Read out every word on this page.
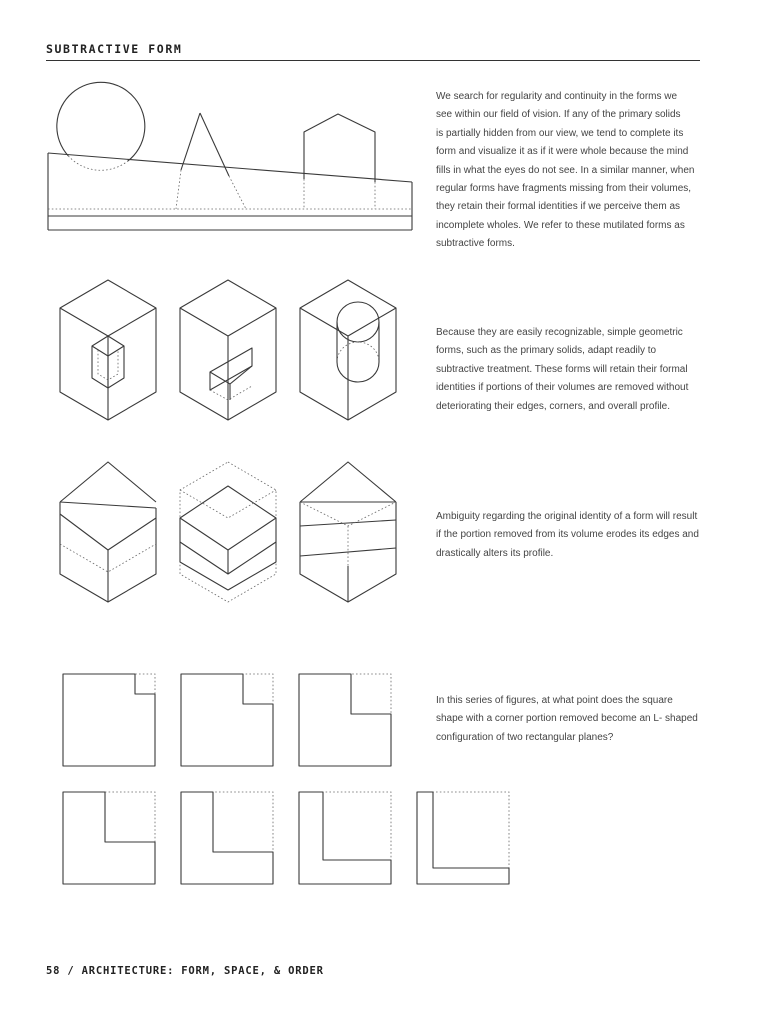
SUBTRACTIVE FORM
We search for regularity and continuity in the forms we
see within our field of vision. If any of the primary solids
is partially hidden from our view, we tend to complete its
form and visualize it as if it were whole because the mind
fills in what the eyes do not see. In a similar manner, when
regular forms have fragments missing from their volumes,
they retain their formal identities if we perceive them as
incomplete wholes. We refer to these mutilated forms as
subtractive forms.
Because they are easily recognizable, simple geometric
forms, such as the primary solids, adapt readily to
subtractive treatment. These forms will retain their formal
identities if portions of their volumes are removed without
deteriorating their edges, corners, and overall profile.
Ambiguity regarding the original identity of a form will result
if the portion removed from its volume erodes its edges and
drastically alters its profile.
In this series of figures, at what point does the square
shape with a corner portion removed become an L- shaped
configuration of two rectangular planes?
58 / ARCHITECTURE: FORM, SPACE, & ORDER
